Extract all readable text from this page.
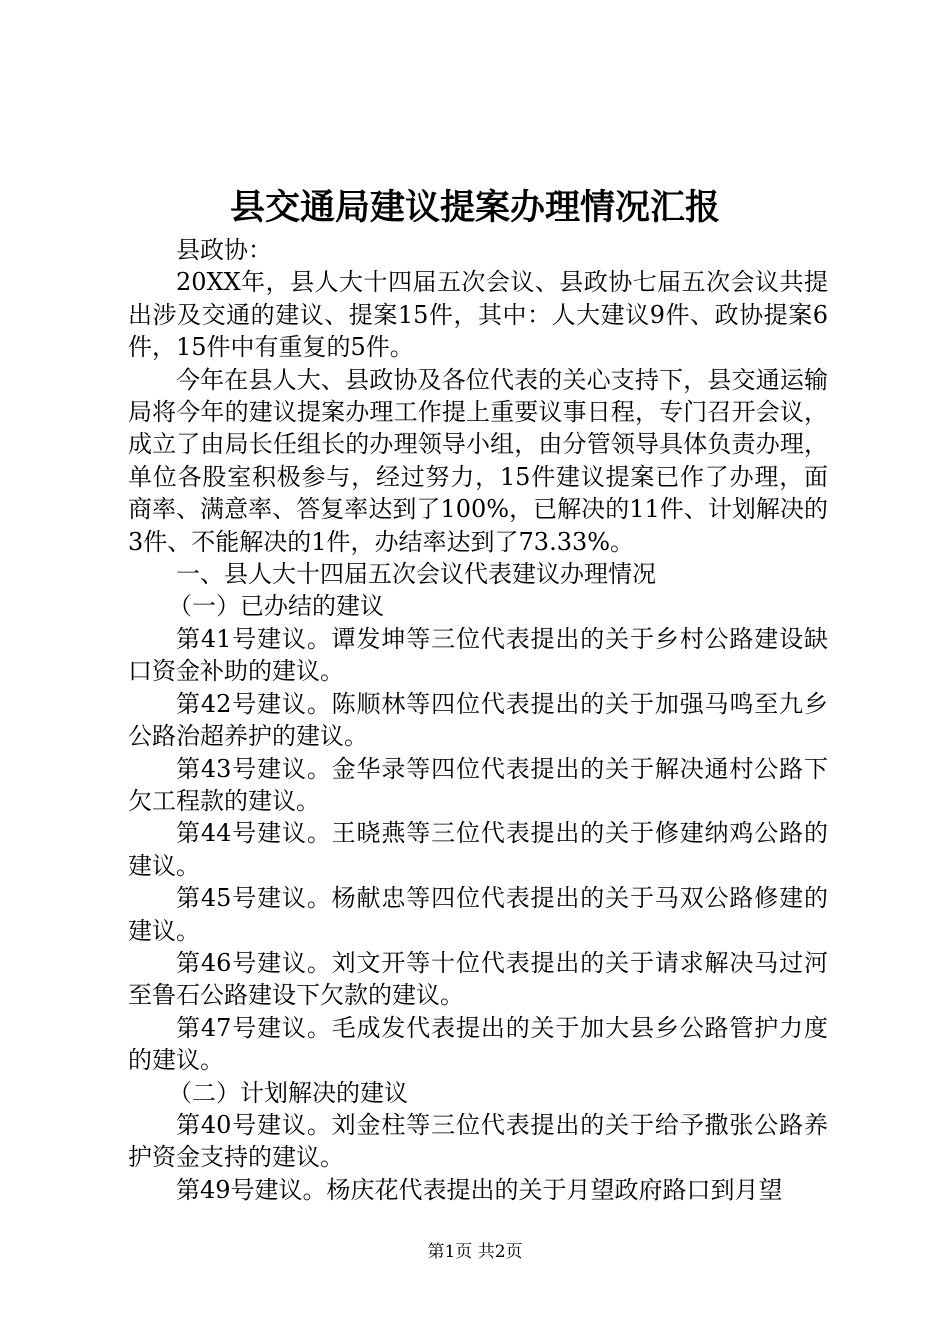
县交通局建议提案办理情况汇报

县政协：

20XX年，县人大十四届五次会议、县政协七届五次会议共提出涉及交通的建议、提案15件，其中：人大建议9件、政协提案6件，15件中有重复的5件。

今年在县人大、县政协及各位代表的关心支持下，县交通运输局将今年的建议提案办理工作提上重要议事日程，专门召开会议，成立了由局长任组长的办理领导小组，由分管领导具体负责办理，单位各股室积极参与，经过努力，15件建议提案已作了办理，面商率、满意率、答复率达到了100%，已解决的11件、计划解决的3件、不能解决的1件，办结率达到了73.33%。

一、县人大十四届五次会议代表建议办理情况

（一）已办结的建议

第41号建议。谭发坤等三位代表提出的关于乡村公路建设缺口资金补助的建议。

第42号建议。陈顺林等四位代表提出的关于加强马鸣至九乡公路治超养护的建议。

第43号建议。金华录等四位代表提出的关于解决通村公路下欠工程款的建议。

第44号建议。王晓燕等三位代表提出的关于修建纳鸡公路的建议。

第45号建议。杨献忠等四位代表提出的关于马双公路修建的建议。

第46号建议。刘文开等十位代表提出的关于请求解决马过河至鲁石公路建设下欠款的建议。

第47号建议。毛成发代表提出的关于加大县乡公路管护力度的建议。

（二）计划解决的建议

第40号建议。刘金柱等三位代表提出的关于给予撒张公路养护资金支持的建议。

第49号建议。杨庆花代表提出的关于月望政府路口到月望

第1页 共2页
